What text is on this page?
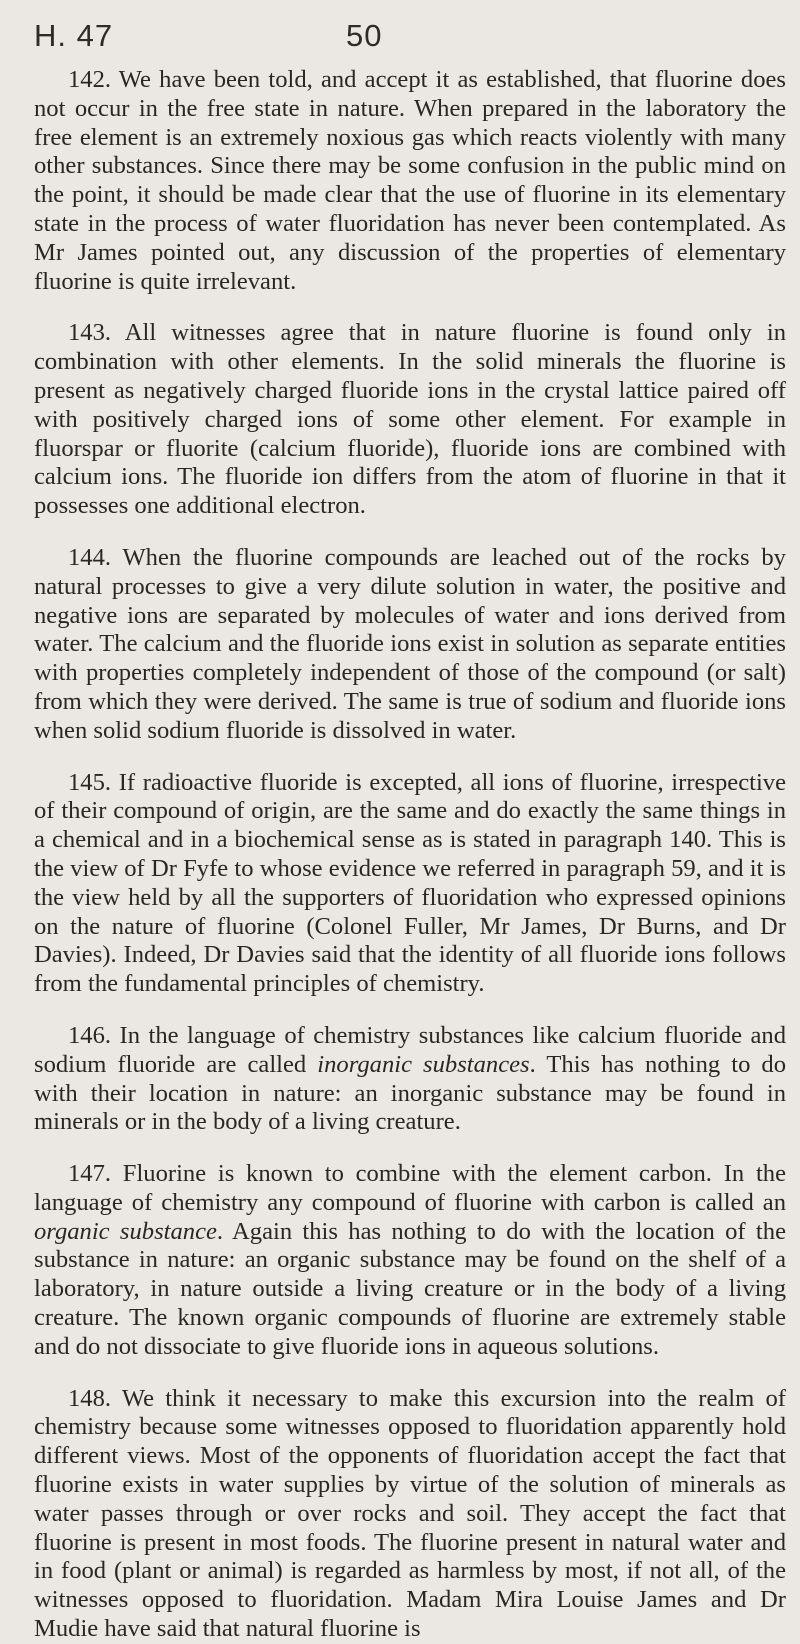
H. 47	50

142. We have been told, and accept it as established, that fluorine does not occur in the free state in nature. When prepared in the laboratory the free element is an extremely noxious gas which reacts violently with many other substances. Since there may be some confusion in the public mind on the point, it should be made clear that the use of fluorine in its elementary state in the process of water fluoridation has never been contemplated. As Mr James pointed out, any discussion of the properties of elementary fluorine is quite irrelevant.

143. All witnesses agree that in nature fluorine is found only in combination with other elements. In the solid minerals the fluorine is present as negatively charged fluoride ions in the crystal lattice paired off with positively charged ions of some other element. For example in fluorspar or fluorite (calcium fluoride), fluoride ions are combined with calcium ions. The fluoride ion differs from the atom of fluorine in that it possesses one additional electron.

144. When the fluorine compounds are leached out of the rocks by natural processes to give a very dilute solution in water, the positive and negative ions are separated by molecules of water and ions derived from water. The calcium and the fluoride ions exist in solution as separate entities with properties completely independent of those of the compound (or salt) from which they were derived. The same is true of sodium and fluoride ions when solid sodium fluoride is dissolved in water.

145. If radioactive fluoride is excepted, all ions of fluorine, irrespective of their compound of origin, are the same and do exactly the same things in a chemical and in a biochemical sense as is stated in paragraph 140. This is the view of Dr Fyfe to whose evidence we referred in paragraph 59, and it is the view held by all the supporters of fluoridation who expressed opinions on the nature of fluorine (Colonel Fuller, Mr James, Dr Burns, and Dr Davies). Indeed, Dr Davies said that the identity of all fluoride ions follows from the fundamental principles of chemistry.

146. In the language of chemistry substances like calcium fluoride and sodium fluoride are called inorganic substances. This has nothing to do with their location in nature: an inorganic substance may be found in minerals or in the body of a living creature.

147. Fluorine is known to combine with the element carbon. In the language of chemistry any compound of fluorine with carbon is called an organic substance. Again this has nothing to do with the location of the substance in nature: an organic substance may be found on the shelf of a laboratory, in nature outside a living creature or in the body of a living creature. The known organic compounds of fluorine are extremely stable and do not dissociate to give fluoride ions in aqueous solutions.

148. We think it necessary to make this excursion into the realm of chemistry because some witnesses opposed to fluoridation apparently hold different views. Most of the opponents of fluoridation accept the fact that fluorine exists in water supplies by virtue of the solution of minerals as water passes through or over rocks and soil. They accept the fact that fluorine is present in most foods. The fluorine present in natural water and in food (plant or animal) is regarded as harmless by most, if not all, of the witnesses opposed to fluoridation. Madam Mira Louise James and Dr Mudie have said that natural fluorine is
